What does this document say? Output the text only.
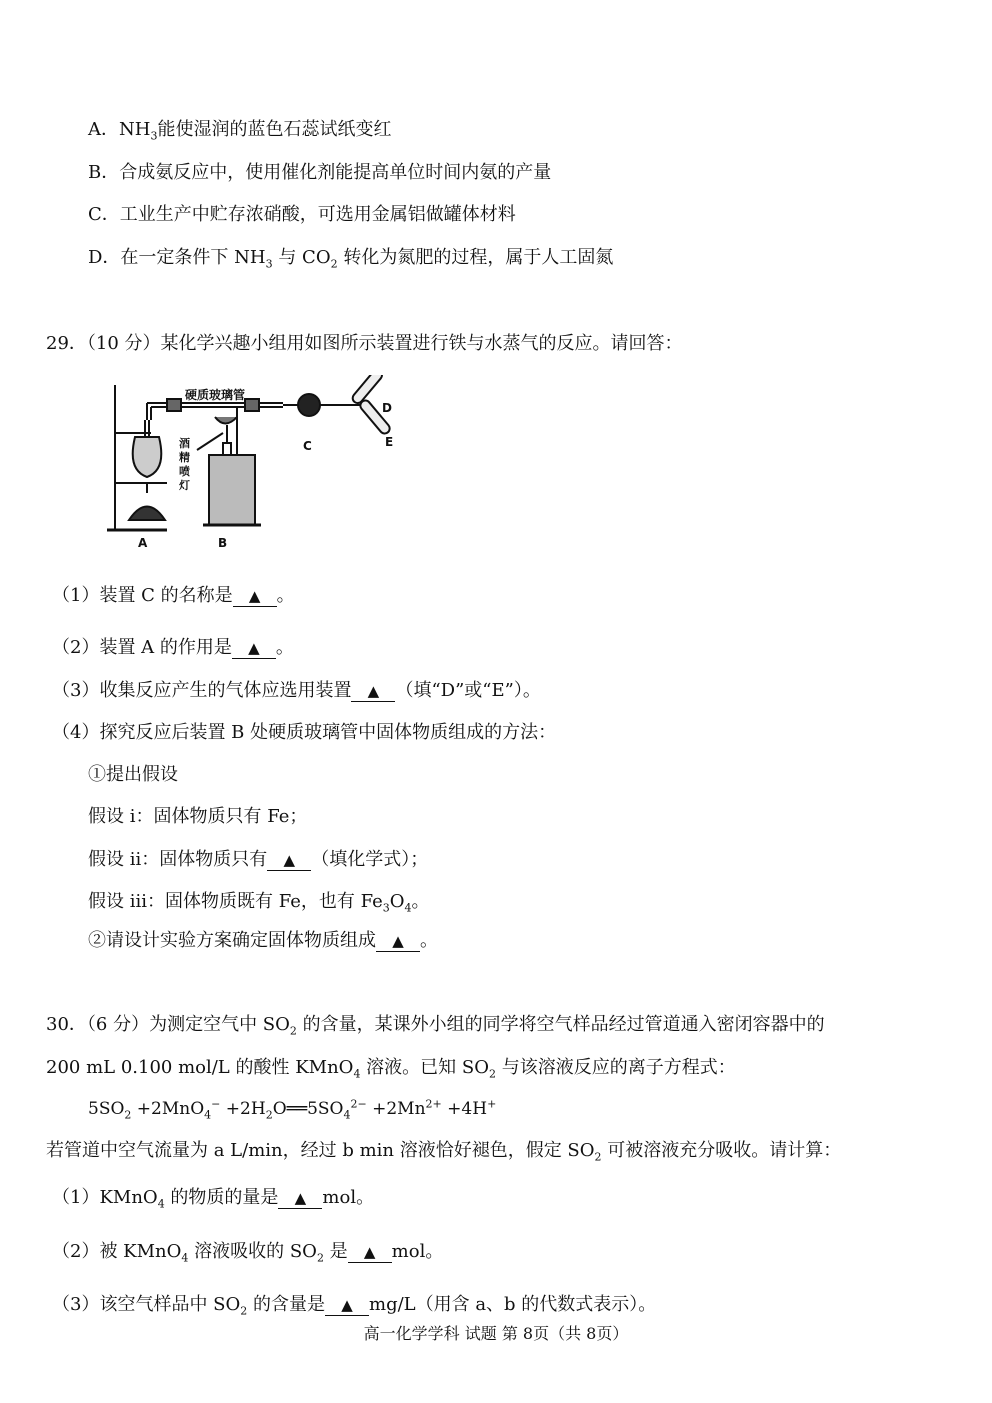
A．$NH_3$能使湿润的蓝色石蕊试纸变红
B．合成氨反应中，使用催化剂能提高单位时间内氨的产量
C．工业生产中贮存浓硝酸，可选用金属铝做罐体材料
D．在一定条件下 $NH_3$ 与 $CO_2$ 转化为氮肥的过程，属于人工固氮
29．（10 分）某化学兴趣小组用如图所示装置进行铁与水蒸气的反应。请回答：
硬质玻璃管
酒
精
喷
灯
D
E
C
A	B
（1）装置 C 的名称是 ▲ 。
（2）装置 A 的作用是 ▲ 。
（3）收集反应产生的气体应选用装置 ▲ （填“D”或“E”）。
（4）探究反应后装置 B 处硬质玻璃管中固体物质组成的方法：
①提出假设
假设 i：固体物质只有 Fe；
假设 ii：固体物质只有 ▲ （填化学式）；
假设 iii：固体物质既有 Fe，也有 $Fe_3O_4$。
②请设计实验方案确定固体物质组成 ▲ 。
30．（6 分）为测定空气中 $SO_2$ 的含量，某课外小组的同学将空气样品经过管道通入密闭容器中的
200 mL 0.100 mol/L 的酸性 KMnO$_4$ 溶液。已知 $SO_2$ 与该溶液反应的离子方程式：
$5SO_2 +2MnO_4^-$ $+2H_2O══5SO_4^{2-} +2Mn^{2+} +4H^+$
若管道中空气流量为 a L/min，经过 b min 溶液恰好褪色，假定 $SO_2$ 可被溶液充分吸收。请计算：
（1）KMnO$_4$ 的物质的量是 ▲ mol。
（2）被 KMnO$_4$ 溶液吸收的 $SO_2$ 是 ▲ mol。
（3）该空气样品中 $SO_2$ 的含量是 ▲ mg/L（用含 a、b 的代数式表示）。
高一化学学科 试题 第 8页（共 8页）
